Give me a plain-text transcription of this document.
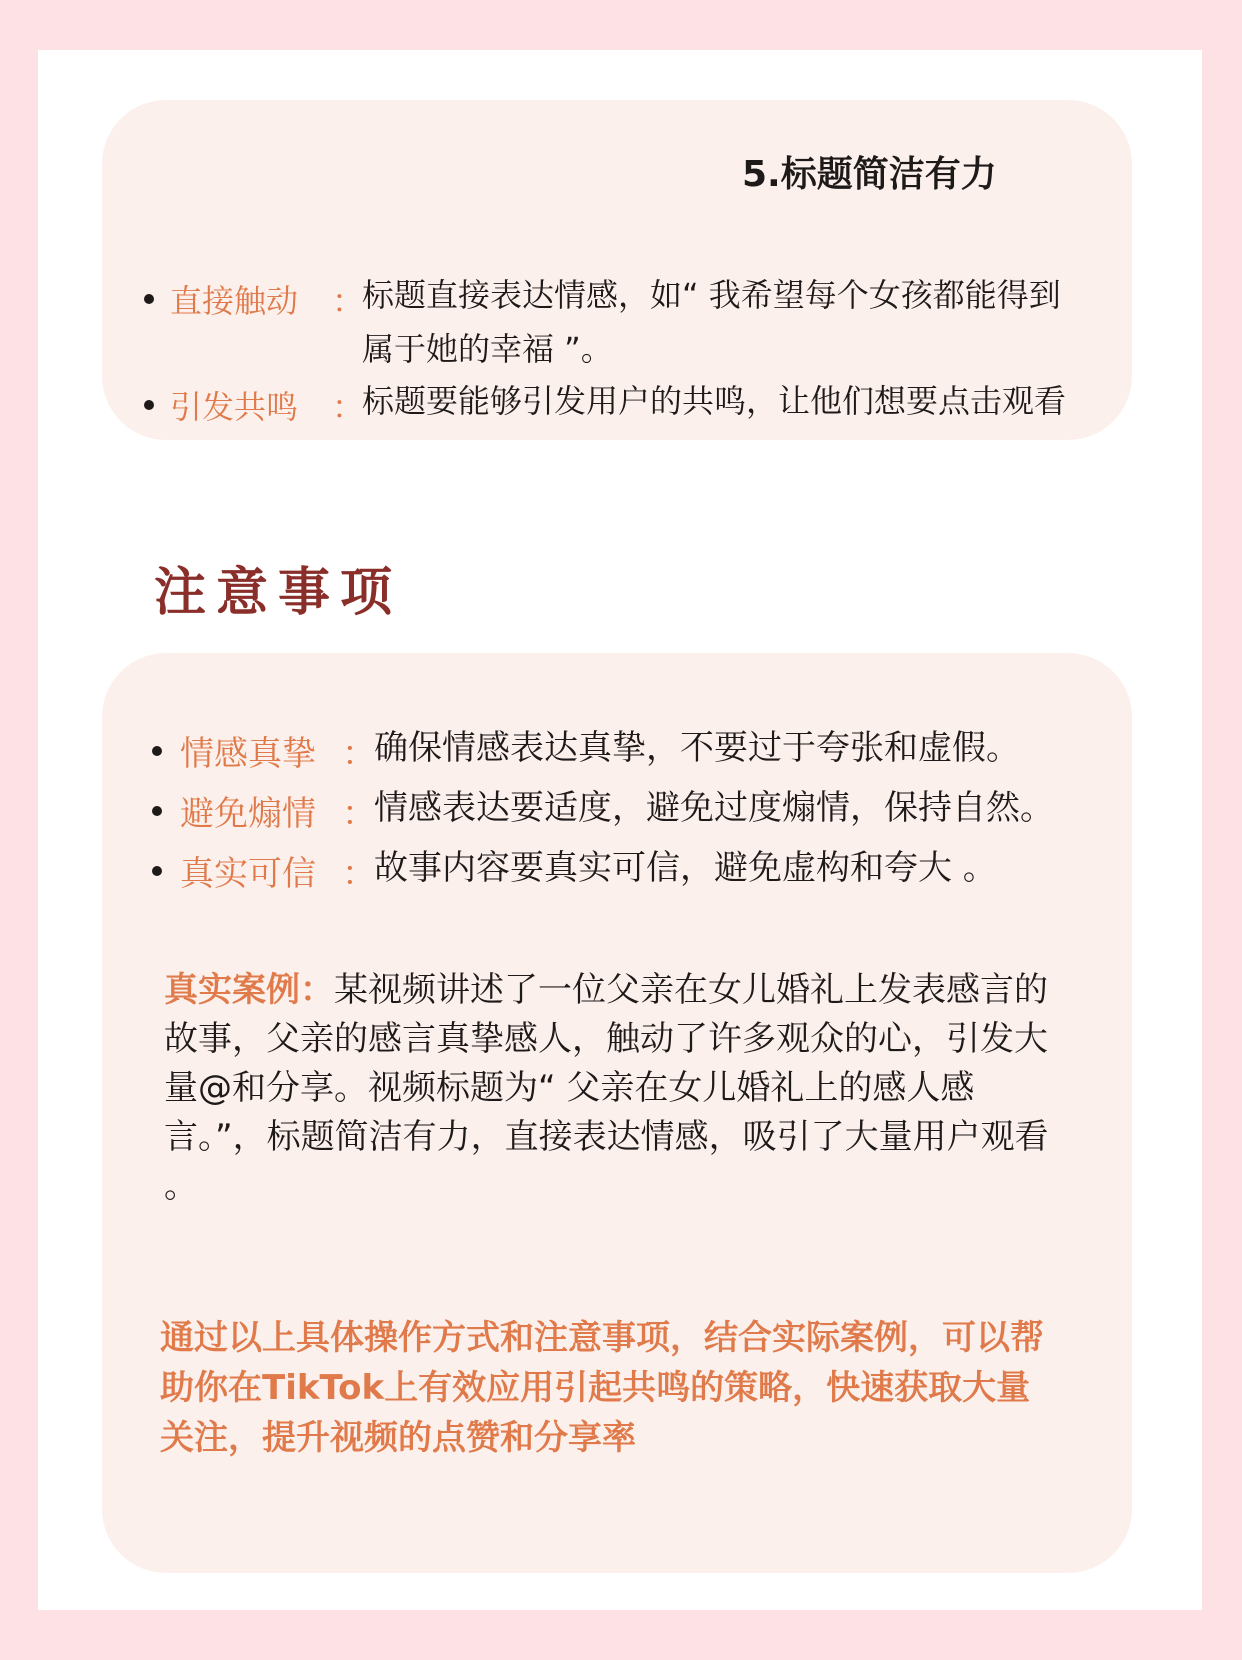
5.标题简洁有力
直接触动 ：
标题直接表达情感，如“ 我希望每个女孩都能得到
属于她的幸福 ”。
引发共鸣 ：
标题要能够引发用户的共鸣，让他们想要点击观看
注意事项
情感真挚 ：
确保情感表达真挚，不要过于夸张和虚假。
避免煽情 ：
情感表达要适度，避免过度煽情，保持自然。
真实可信 ：
故事内容要真实可信，避免虚构和夸大 。
真实案例：某视频讲述了一位父亲在女儿婚礼上发表感言的故事，父亲的感言真挚感人，触动了许多观众的心，引发大量@和分享。视频标题为“ 父亲在女儿婚礼上的感人感言。”，标题简洁有力，直接表达情感，吸引了大量用户观看 。
通过以上具体操作方式和注意事项，结合实际案例，可以帮助你在TikTok上有效应用引起共鸣的策略，快速获取大量关注，提升视频的点赞和分享率
